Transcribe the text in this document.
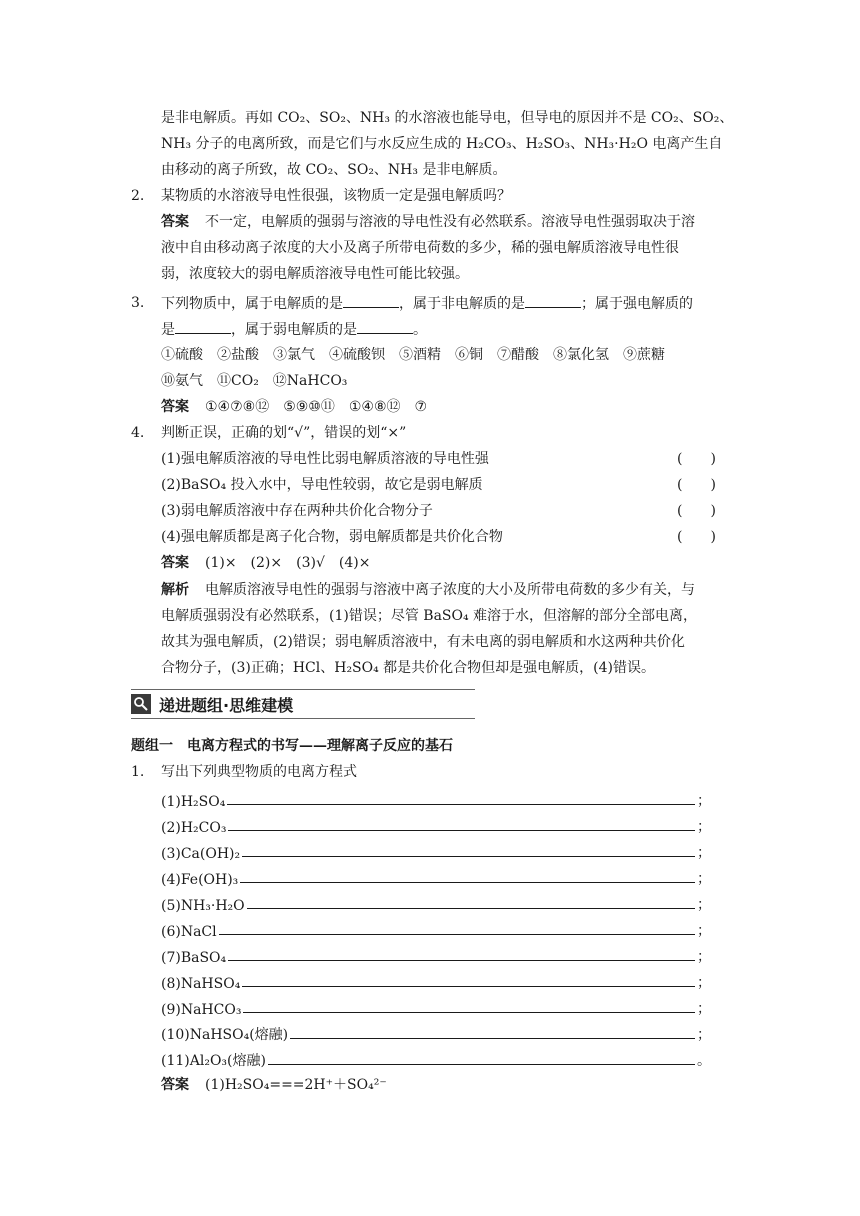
是非电解质。再如 CO₂、SO₂、NH₃ 的水溶液也能导电，但导电的原因并不是 CO₂、SO₂、
NH₃ 分子的电离所致，而是它们与水反应生成的 H₂CO₃、H₂SO₃、NH₃·H₂O 电离产生自
由移动的离子所致，故 CO₂、SO₂、NH₃ 是非电解质。
2. 某物质的水溶液导电性很强，该物质一定是强电解质吗？
答案 不一定，电解质的强弱与溶液的导电性没有必然联系。溶液导电性强弱取决于溶
液中自由移动离子浓度的大小及离子所带电荷数的多少，稀的强电解质溶液导电性很
弱，浓度较大的弱电解质溶液导电性可能比较强。
3. 下列物质中，属于电解质的是	，属于非电解质的是	；属于强电解质的
是	，属于弱电解质的是	。
①硫酸　②盐酸　③氯气　④硫酸钡　⑤酒精　⑥铜　⑦醋酸　⑧氯化氢　⑨蔗糖
⑩氨气　⑪CO₂　⑫NaHCO₃
答案 ①④⑦⑧⑫　⑤⑨⑩⑪　①④⑧⑫　⑦
4. 判断正误，正确的划“√”，错误的划“×”
(1)强电解质溶液的导电性比弱电解质溶液的导电性强	(　　)
(2)BaSO₄ 投入水中，导电性较弱，故它是弱电解质	(　　)
(3)弱电解质溶液中存在两种共价化合物分子	(　　)
(4)强电解质都是离子化合物，弱电解质都是共价化合物	(　　)
答案 (1)×　(2)×　(3)√　(4)×
解析 电解质溶液导电性的强弱与溶液中离子浓度的大小及所带电荷数的多少有关，与
电解质强弱没有必然联系，(1)错误；尽管 BaSO₄ 难溶于水，但溶解的部分全部电离，
故其为强电解质，(2)错误；弱电解质溶液中，有未电离的弱电解质和水这两种共价化
合物分子，(3)正确；HCl、H₂SO₄ 都是共价化合物但却是强电解质，(4)错误。
递进题组·思维建模
题组一　电离方程式的书写——理解离子反应的基石
1. 写出下列典型物质的电离方程式
(1)H₂SO₄	；
(2)H₂CO₃	；
(3)Ca(OH)₂	；
(4)Fe(OH)₃	；
(5)NH₃·H₂O	；
(6)NaCl	；
(7)BaSO₄	；
(8)NaHSO₄	；
(9)NaHCO₃	；
(10)NaHSO₄(熔融)	；
(11)Al₂O₃(熔融)	。
答案 (1)H₂SO₄===2H⁺＋SO₄²⁻
